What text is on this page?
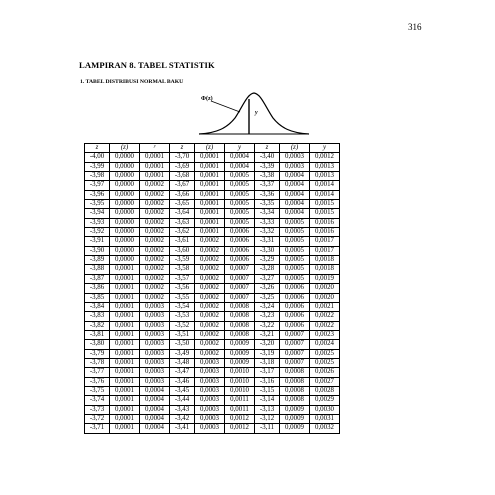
316
LAMPIRAN 8. TABEL STATISTIK
1. TABEL DISTRIBUSI NORMAL BAKU
Φ(z)
y
z	(z)	ʸ	z	(z)	y	z	(z)	y
-4,00	0,0000	0,0001	-3,70	0,0001	0,0004	-3,40	0,0003	0,0012
-3,99	0,0000	0,0001	-3,69	0,0001	0,0004	-3,39	0,0003	0,0013
-3,98	0,0000	0,0001	-3,68	0,0001	0,0005	-3,38	0,0004	0,0013
-3,97	0,0000	0,0002	-3,67	0,0001	0,0005	-3,37	0,0004	0,0014
-3,96	0,0000	0,0002	-3,66	0,0001	0,0005	-3,36	0,0004	0,0014
-3,95	0,0000	0,0002	-3,65	0,0001	0,0005	-3,35	0,0004	0,0015
-3,94	0,0000	0,0002	-3,64	0,0001	0,0005	-3,34	0,0004	0,0015
-3,93	0,0000	0,0002	-3,63	0,0001	0,0005	-3,33	0,0005	0,0016
-3,92	0,0000	0,0002	-3,62	0,0001	0,0006	-3,32	0,0005	0,0016
-3,91	0,0000	0,0002	-3,61	0,0002	0,0006	-3,31	0,0005	0,0017
-3,90	0,0000	0,0002	-3,60	0,0002	0,0006	-3,30	0,0005	0,0017
-3,89	0,0000	0,0002	-3,59	0,0002	0,0006	-3,29	0,0005	0,0018
-3,88	0,0001	0,0002	-3,58	0,0002	0,0007	-3,28	0,0005	0,0018
-3,87	0,0001	0,0002	-3,57	0,0002	0,0007	-3,27	0,0005	0,0019
-3,86	0,0001	0,0002	-3,56	0,0002	0,0007	-3,26	0,0006	0,0020
-3,85	0,0001	0,0002	-3,55	0,0002	0,0007	-3,25	0,0006	0,0020
-3,84	0,0001	0,0003	-3,54	0,0002	0,0008	-3,24	0,0006	0,0021
-3,83	0,0001	0,0003	-3,53	0,0002	0,0008	-3,23	0,0006	0,0022
-3,82	0,0001	0,0003	-3,52	0,0002	0,0008	-3,22	0,0006	0,0022
-3,81	0,0001	0,0003	-3,51	0,0002	0,0008	-3,21	0,0007	0,0023
-3,80	0,0001	0,0003	-3,50	0,0002	0,0009	-3,20	0,0007	0,0024
-3,79	0,0001	0,0003	-3,49	0,0002	0,0009	-3,19	0,0007	0,0025
-3,78	0,0001	0,0003	-3,48	0,0003	0,0009	-3,18	0,0007	0,0025
-3,77	0,0001	0,0003	-3,47	0,0003	0,0010	-3,17	0,0008	0,0026
-3,76	0,0001	0,0003	-3,46	0,0003	0,0010	-3,16	0,0008	0,0027
-3,75	0,0001	0,0004	-3,45	0,0003	0,0010	-3,15	0,0008	0,0028
-3,74	0,0001	0,0004	-3,44	0,0003	0,0011	-3,14	0,0008	0,0029
-3,73	0,0001	0,0004	-3,43	0,0003	0,0011	-3,13	0,0009	0,0030
-3,72	0,0001	0,0004	-3,42	0,0003	0,0012	-3,12	0,0009	0,0031
-3,71	0,0001	0,0004	-3,41	0,0003	0,0012	-3,11	0,0009	0,0032
